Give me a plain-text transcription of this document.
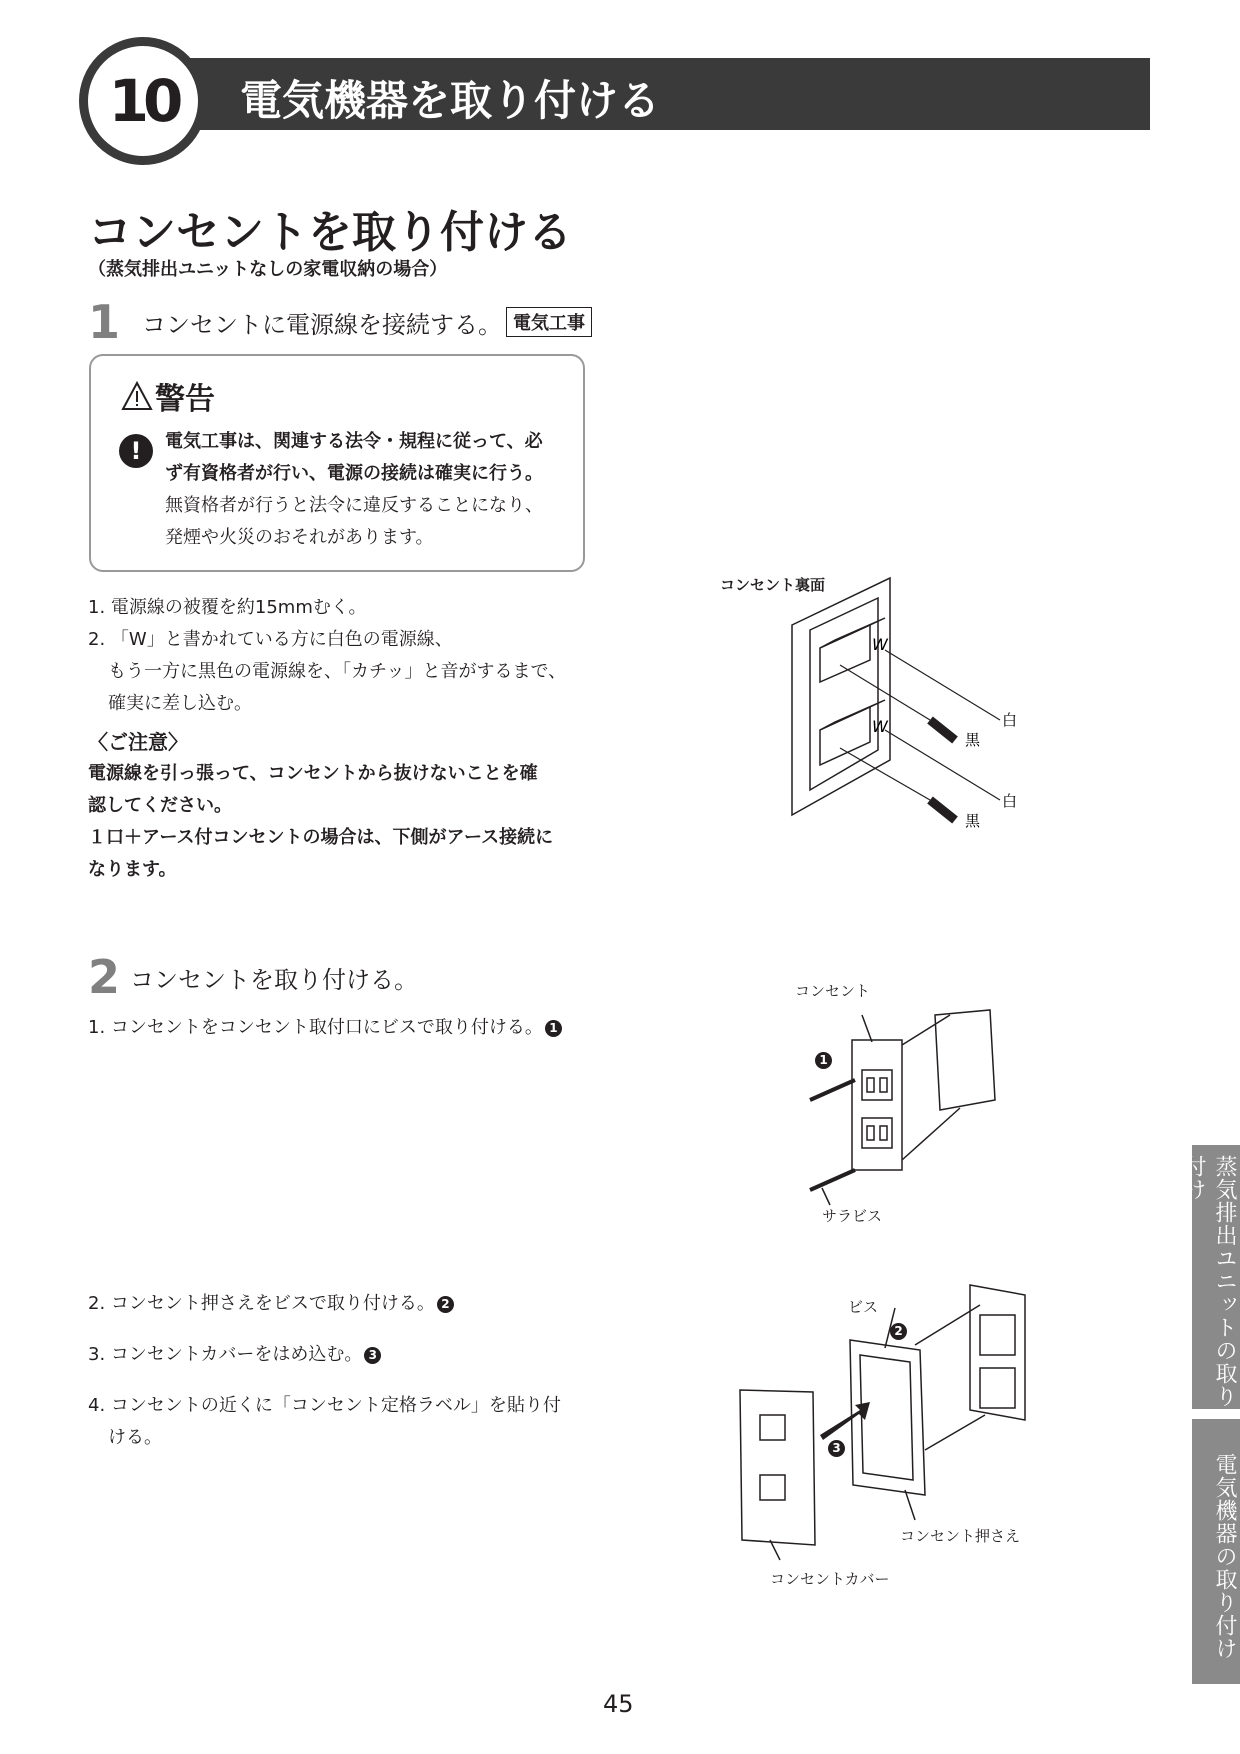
10	電気機器を取り付ける
コンセントを取り付ける
（蒸気排出ユニットなしの家電収納の場合）
1 コンセントに電源線を接続する。 電気工事
警告
!	電気工事は、関連する法令・規程に従って、必
ず有資格者が行い、電源の接続は確実に行う。
無資格者が行うと法令に違反することになり、
発煙や火災のおそれがあります。
1. 電源線の被覆を約15mmむく。
2. 「W」と書かれている方に白色の電源線、
もう一方に黒色の電源線を、「カチッ」と音がするまで、
確実に差し込む。
〈ご注意〉
電源線を引っ張って、コンセントから抜けないことを確
認してください。
１口＋アース付コンセントの場合は、下側がアース接続に
なります。
コンセント裏面
W
W	白
黒
白
黒
2 コンセントを取り付ける。
1. コンセントをコンセント取付口にビスで取り付ける。 1
2. コンセント押さえをビスで取り付ける。 2
3. コンセントカバーをはめ込む。 3
4. コンセントの近くに「コンセント定格ラベル」を貼り付
ける。
コンセント
サラビス
1
ビス
2
3
コンセント押さえ
コンセントカバー
蒸気排出ユニットの取り付け
電気機器の取り付け
45
